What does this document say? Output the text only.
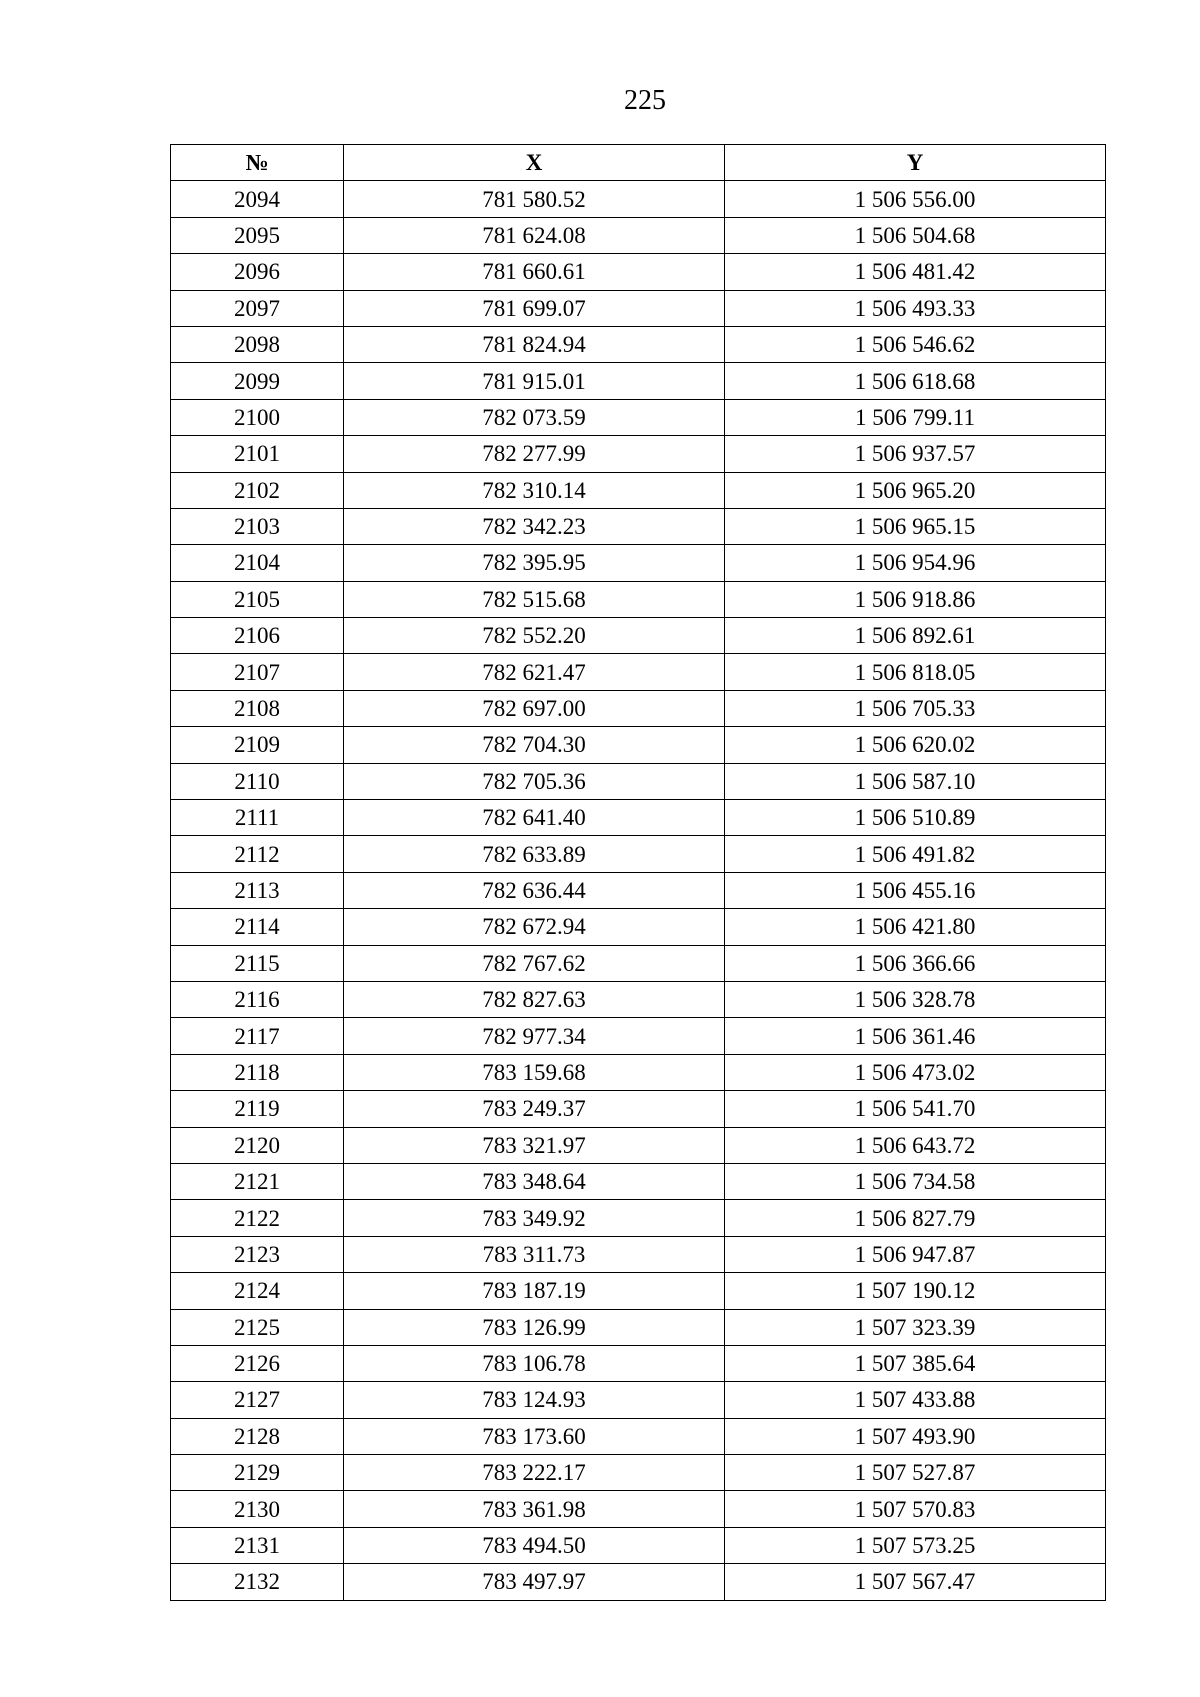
225
№	X	Y
2094	781 580.52	1 506 556.00
2095	781 624.08	1 506 504.68
2096	781 660.61	1 506 481.42
2097	781 699.07	1 506 493.33
2098	781 824.94	1 506 546.62
2099	781 915.01	1 506 618.68
2100	782 073.59	1 506 799.11
2101	782 277.99	1 506 937.57
2102	782 310.14	1 506 965.20
2103	782 342.23	1 506 965.15
2104	782 395.95	1 506 954.96
2105	782 515.68	1 506 918.86
2106	782 552.20	1 506 892.61
2107	782 621.47	1 506 818.05
2108	782 697.00	1 506 705.33
2109	782 704.30	1 506 620.02
2110	782 705.36	1 506 587.10
2111	782 641.40	1 506 510.89
2112	782 633.89	1 506 491.82
2113	782 636.44	1 506 455.16
2114	782 672.94	1 506 421.80
2115	782 767.62	1 506 366.66
2116	782 827.63	1 506 328.78
2117	782 977.34	1 506 361.46
2118	783 159.68	1 506 473.02
2119	783 249.37	1 506 541.70
2120	783 321.97	1 506 643.72
2121	783 348.64	1 506 734.58
2122	783 349.92	1 506 827.79
2123	783 311.73	1 506 947.87
2124	783 187.19	1 507 190.12
2125	783 126.99	1 507 323.39
2126	783 106.78	1 507 385.64
2127	783 124.93	1 507 433.88
2128	783 173.60	1 507 493.90
2129	783 222.17	1 507 527.87
2130	783 361.98	1 507 570.83
2131	783 494.50	1 507 573.25
2132	783 497.97	1 507 567.47
